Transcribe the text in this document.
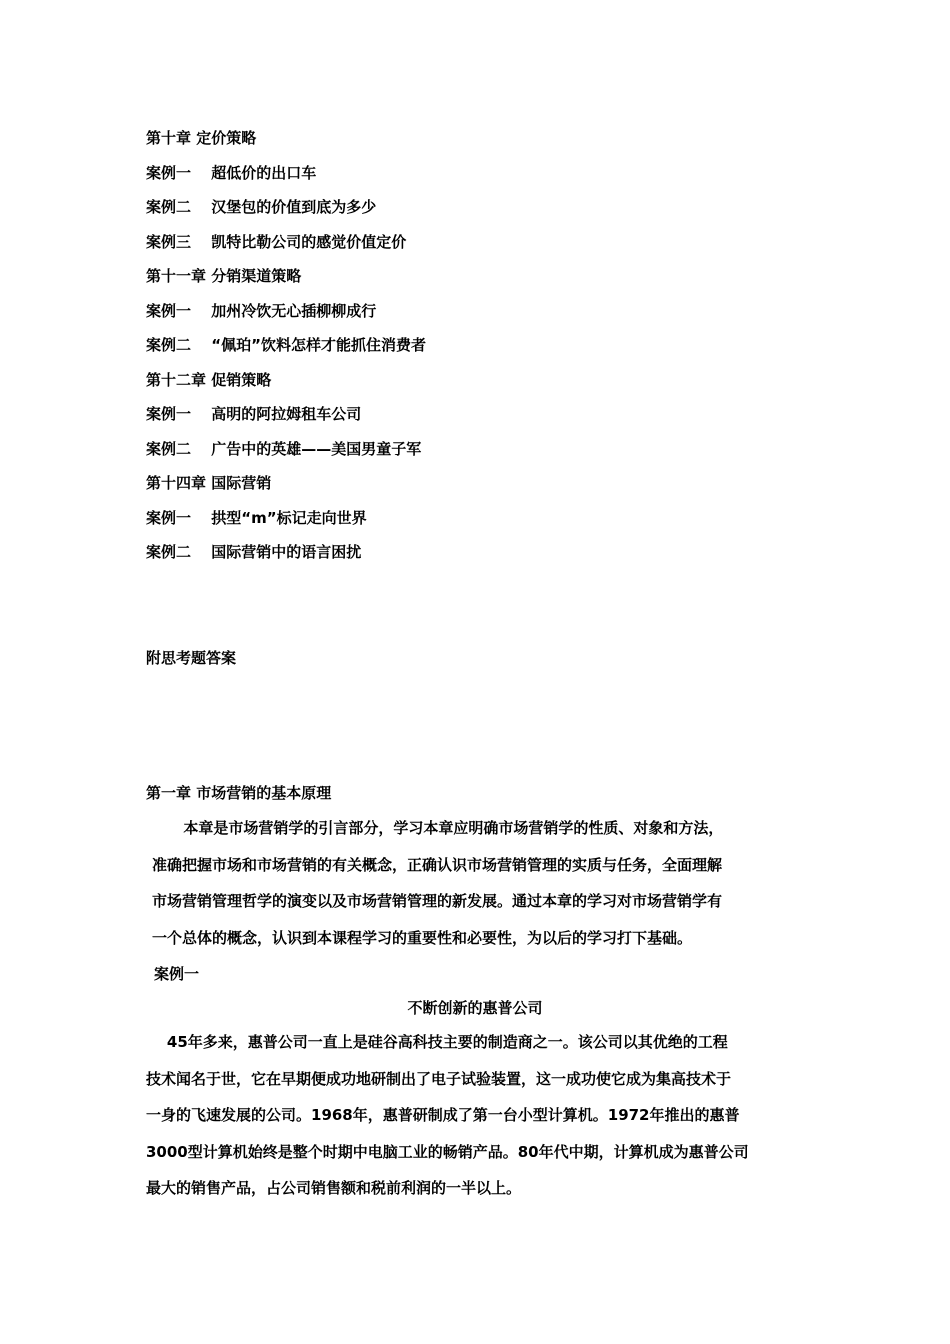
第十章 定价策略
案例一　 超低价的出口车
案例二　 汉堡包的价值到底为多少
案例三　 凯特比勒公司的感觉价值定价
第十一章 分销渠道策略
案例一　 加州冷饮无心插柳柳成行
案例二　 “佩珀”饮料怎样才能抓住消费者
第十二章 促销策略
案例一　 高明的阿拉姆租车公司
案例二　 广告中的英雄——美国男童子军
第十四章 国际营销
案例一　 拱型“m”标记走向世界
案例二　 国际营销中的语言困扰
附思考题答案
第一章 市场营销的基本原理
本章是市场营销学的引言部分，学习本章应明确市场营销学的性质、对象和方法，
准确把握市场和市场营销的有关概念，正确认识市场营销管理的实质与任务，全面理解
市场营销管理哲学的演变以及市场营销管理的新发展。通过本章的学习对市场营销学有
一个总体的概念，认识到本课程学习的重要性和必要性，为以后的学习打下基础。
案例一
不断创新的惠普公司
45年多来，惠普公司一直上是硅谷高科技主要的制造商之一。该公司以其优绝的工程
技术闻名于世，它在早期便成功地研制出了电子试验装置，这一成功使它成为集高技术于
一身的飞速发展的公司。1968年，惠普研制成了第一台小型计算机。1972年推出的惠普
3000型计算机始终是整个时期中电脑工业的畅销产品。80年代中期，计算机成为惠普公司
最大的销售产品，占公司销售额和税前利润的一半以上。
